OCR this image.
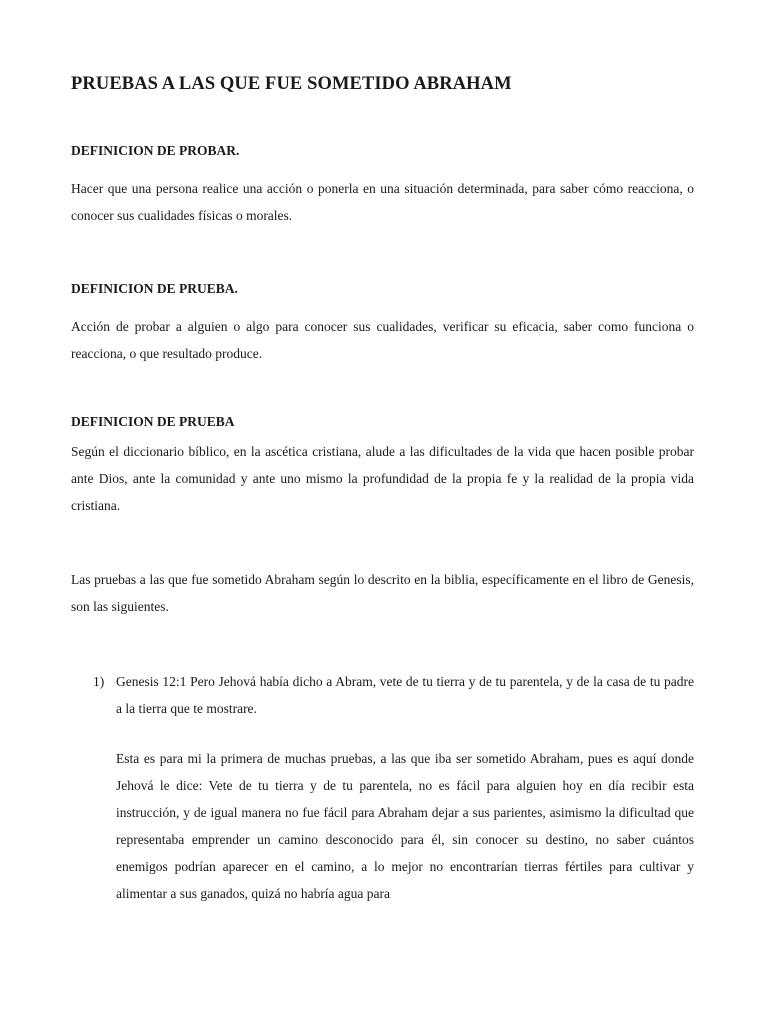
PRUEBAS A LAS QUE FUE SOMETIDO ABRAHAM
DEFINICION DE PROBAR.

Hacer que una persona realice una acción o ponerla en una situación determinada, para saber cómo reacciona, o conocer sus cualidades físicas o morales.

DEFINICION DE PRUEBA.

Acción de probar a alguien o algo para conocer sus cualidades, verificar su eficacia, saber como funciona o reacciona, o que resultado produce.

DEFINICION DE PRUEBA

Según el diccionario bíblico, en la ascética cristiana, alude a las dificultades de la vida que hacen posible probar ante Dios, ante la comunidad y ante uno mismo la profundidad de la propia fe y la realidad de la propia vida cristiana.

Las pruebas a las que fue sometido Abraham según lo descrito en la biblia, específicamente en el libro de Genesis, son las siguientes.

1) Genesis 12:1 Pero Jehová había dicho a Abram, vete de tu tierra y de tu parentela, y de la casa de tu padre a la tierra que te mostrare.

Esta es para mi la primera de muchas pruebas, a las que iba ser sometido Abraham, pues es aquí donde Jehová le dice: Vete de tu tierra y de tu parentela, no es fácil para alguien hoy en día recibir esta instrucción, y de igual manera no fue fácil para Abraham dejar a sus parientes, asimismo la dificultad que representaba emprender un camino desconocido para él, sin conocer su destino, no saber cuántos enemigos podrían aparecer en el camino, a lo mejor no encontrarían tierras fértiles para cultivar y alimentar a sus ganados, quizá no habría agua para
